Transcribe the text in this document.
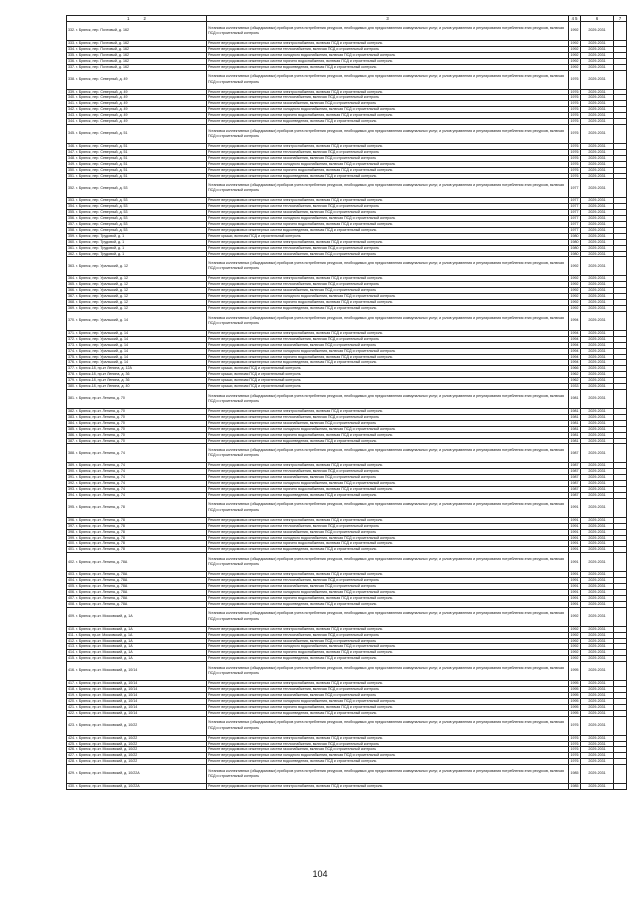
1 2	3	4 5	6	7
332. г. Брянск, пер. Почтовый, д. 162	Установка коллективных (общедомовых) приборов учета потребления ресурсов, необходимых для предоставления коммунальных услуг, и узлов управления и регулирования потребления этих ресурсов, включая ПСД и строительный контроль	1992	2029-2031	
333. г. Брянск, пер. Почтовый, д. 162	Ремонт внутридомовых инженерных систем электроснабжения, включая ПСД и строительный контроль	1992	2029-2031	
334. г. Брянск, пер. Почтовый, д. 162	Ремонт внутридомовых инженерных систем теплоснабжения, включая ПСД и строительный контроль	1992	2029-2031	
335. г. Брянск, пер. Почтовый, д. 162	Ремонт внутридомовых инженерных систем холодного водоснабжения, включая ПСД и строительный контроль	1992	2029-2031	
336. г. Брянск, пер. Почтовый, д. 162	Ремонт внутридомовых инженерных систем горячего водоснабжения, включая ПСД и строительный контроль	1992	2029-2031	
337. г. Брянск, пер. Почтовый, д. 162	Ремонт внутридомовых инженерных систем водоотведения, включая ПСД и строительный контроль	1992	2029-2031	
338. г. Брянск, пер. Северный, д. 49	Установка коллективных (общедомовых) приборов учета потребления ресурсов, необходимых для предоставления коммунальных услуг, и узлов управления и регулирования потребления этих ресурсов, включая ПСД и строительный контроль	1976	2029-2031	
339. г. Брянск, пер. Северный, д. 49	Ремонт внутридомовых инженерных систем электроснабжения, включая ПСД и строительный контроль	1976	2029-2031	
340. г. Брянск, пер. Северный, д. 49	Ремонт внутридомовых инженерных систем теплоснабжения, включая ПСД и строительный контроль	1976	2029-2031	
341. г. Брянск, пер. Северный, д. 49	Ремонт внутридомовых инженерных систем газоснабжения, включая ПСД и строительный контроль	1976	2029-2031	
342. г. Брянск, пер. Северный, д. 49	Ремонт внутридомовых инженерных систем холодного водоснабжения, включая ПСД и строительный контроль	1976	2029-2031	
343. г. Брянск, пер. Северный, д. 49	Ремонт внутридомовых инженерных систем горячего водоснабжения, включая ПСД и строительный контроль	1976	2029-2031	
344. г. Брянск, пер. Северный, д. 49	Ремонт внутридомовых инженерных систем водоотведения, включая ПСД и строительный контроль	1976	2029-2031	
345. г. Брянск, пер. Северный, д. 51	Установка коллективных (общедомовых) приборов учета потребления ресурсов, необходимых для предоставления коммунальных услуг, и узлов управления и регулирования потребления этих ресурсов, включая ПСД и строительный контроль	1976	2029-2031	
346. г. Брянск, пер. Северный, д. 51	Ремонт внутридомовых инженерных систем электроснабжения, включая ПСД и строительный контроль	1976	2029-2031	
347. г. Брянск, пер. Северный, д. 51	Ремонт внутридомовых инженерных систем теплоснабжения, включая ПСД и строительный контроль	1976	2029-2031	
348. г. Брянск, пер. Северный, д. 51	Ремонт внутридомовых инженерных систем газоснабжения, включая ПСД и строительный контроль	1976	2029-2031	
349. г. Брянск, пер. Северный, д. 51	Ремонт внутридомовых инженерных систем холодного водоснабжения, включая ПСД и строительный контроль	1976	2029-2031	
350. г. Брянск, пер. Северный, д. 51	Ремонт внутридомовых инженерных систем горячего водоснабжения, включая ПСД и строительный контроль	1976	2029-2031	
351. г. Брянск, пер. Северный, д. 51	Ремонт внутридомовых инженерных систем водоотведения, включая ПСД и строительный контроль	1976	2029-2031	
352. г. Брянск, пер. Северный, д. 53	Установка коллективных (общедомовых) приборов учета потребления ресурсов, необходимых для предоставления коммунальных услуг, и узлов управления и регулирования потребления этих ресурсов, включая ПСД и строительный контроль	1977	2029-2031	
353. г. Брянск, пер. Северный, д. 53	Ремонт внутридомовых инженерных систем электроснабжения, включая ПСД и строительный контроль	1977	2029-2031	
354. г. Брянск, пер. Северный, д. 53	Ремонт внутридомовых инженерных систем теплоснабжения, включая ПСД и строительный контроль	1977	2029-2031	
355. г. Брянск, пер. Северный, д. 53	Ремонт внутридомовых инженерных систем газоснабжения, включая ПСД и строительный контроль	1977	2029-2031	
356. г. Брянск, пер. Северный, д. 53	Ремонт внутридомовых инженерных систем холодного водоснабжения, включая ПСД и строительный контроль	1977	2029-2031	
357. г. Брянск, пер. Северный, д. 53	Ремонт внутридомовых инженерных систем горячего водоснабжения, включая ПСД и строительный контроль	1977	2029-2031	
358. г. Брянск, пер. Северный, д. 53	Ремонт внутридомовых инженерных систем водоотведения, включая ПСД и строительный контроль	1977	2029-2031	
359. г. Брянск, пер. Трудовой, д. 1	Ремонт крыши, включая ПСД и строительный контроль	1980	2029-2031	
360. г. Брянск, пер. Трудовой, д. 1	Ремонт внутридомовых инженерных систем электроснабжения, включая ПСД и строительный контроль	1980	2029-2031	
361. г. Брянск, пер. Трудовой, д. 1	Ремонт внутридомовых инженерных систем теплоснабжения, включая ПСД и строительный контроль	1980	2029-2031	
362. г. Брянск, пер. Трудовой, д. 1	Ремонт внутридомовых инженерных систем газоснабжения, включая ПСД и строительный контроль	1980	2029-2031	
363. г. Брянск, пер. Уральский, д. 12	Установка коллективных (общедомовых) приборов учета потребления ресурсов, необходимых для предоставления коммунальных услуг, и узлов управления и регулирования потребления этих ресурсов, включая ПСД и строительный контроль	1992	2029-2031	
364. г. Брянск, пер. Уральский, д. 12	Ремонт внутридомовых инженерных систем электроснабжения, включая ПСД и строительный контроль	1992	2029-2031	
365. г. Брянск, пер. Уральский, д. 12	Ремонт внутридомовых инженерных систем теплоснабжения, включая ПСД и строительный контроль	1992	2029-2031	
366. г. Брянск, пер. Уральский, д. 12	Ремонт внутридомовых инженерных систем газоснабжения, включая ПСД и строительный контроль	1992	2029-2031	
367. г. Брянск, пер. Уральский, д. 12	Ремонт внутридомовых инженерных систем холодного водоснабжения, включая ПСД и строительный контроль	1992	2029-2031	
368. г. Брянск, пер. Уральский, д. 12	Ремонт внутридомовых инженерных систем горячего водоснабжения, включая ПСД и строительный контроль	1992	2029-2031	
369. г. Брянск, пер. Уральский, д. 12	Ремонт внутридомовых инженерных систем водоотведения, включая ПСД и строительный контроль	1992	2029-2031	
370. г. Брянск, пер. Уральский, д. 14	Установка коллективных (общедомовых) приборов учета потребления ресурсов, необходимых для предоставления коммунальных услуг, и узлов управления и регулирования потребления этих ресурсов, включая ПСД и строительный контроль	1994	2029-2031	
371. г. Брянск, пер. Уральский, д. 14	Ремонт внутридомовых инженерных систем электроснабжения, включая ПСД и строительный контроль	1994	2029-2031	
372. г. Брянск, пер. Уральский, д. 14	Ремонт внутридомовых инженерных систем теплоснабжения, включая ПСД и строительный контроль	1994	2029-2031	
373. г. Брянск, пер. Уральский, д. 14	Ремонт внутридомовых инженерных систем газоснабжения, включая ПСД и строительный контроль	1994	2029-2031	
374. г. Брянск, пер. Уральский, д. 14	Ремонт внутридомовых инженерных систем холодного водоснабжения, включая ПСД и строительный контроль	1994	2029-2031	
375. г. Брянск, пер. Уральский, д. 14	Ремонт внутридомовых инженерных систем горячего водоснабжения, включая ПСД и строительный контроль	1994	2029-2031	
376. г. Брянск, пер. Уральский, д. 14	Ремонт внутридомовых инженерных систем водоотведения, включая ПСД и строительный контроль	1994	2029-2031	
377. г. Брянск-18, пр-кт Ленина, д. 12А	Ремонт крыши, включая ПСД и строительный контроль	1966	2029-2031	
378. г. Брянск-18, пр-кт Ленина, д. 36	Ремонт крыши, включая ПСД и строительный контроль	1962	2029-2031	
379. г. Брянск-18, пр-кт Ленина, д. 36	Ремонт крыши, включая ПСД и строительный контроль	1962	2029-2031	
380. г. Брянск-18, пр-кт Ленина, д. 40	Ремонт крыши, включая ПСД и строительный контроль	1933	2029-2031	
381. г. Брянск, пр-кт. Ленина, д. 70	Установка коллективных (общедомовых) приборов учета потребления ресурсов, необходимых для предоставления коммунальных услуг, и узлов управления и регулирования потребления этих ресурсов, включая ПСД и строительный контроль	1981	2029-2031	
382. г. Брянск, пр-кт. Ленина, д. 70	Ремонт внутридомовых инженерных систем электроснабжения, включая ПСД и строительный контроль	1981	2029-2031	
383. г. Брянск, пр-кт. Ленина, д. 70	Ремонт внутридомовых инженерных систем теплоснабжения, включая ПСД и строительный контроль	1981	2029-2031	
384. г. Брянск, пр-кт. Ленина, д. 70	Ремонт внутридомовых инженерных систем газоснабжения, включая ПСД и строительный контроль	1981	2029-2031	
385. г. Брянск, пр-кт. Ленина, д. 70	Ремонт внутридомовых инженерных систем холодного водоснабжения, включая ПСД и строительный контроль	1981	2029-2031	
386. г. Брянск, пр-кт. Ленина, д. 70	Ремонт внутридомовых инженерных систем горячего водоснабжения, включая ПСД и строительный контроль	1981	2029-2031	
387. г. Брянск, пр-кт. Ленина, д. 70	Ремонт внутридомовых инженерных систем водоотведения, включая ПСД и строительный контроль	1981	2029-2031	
388. г. Брянск, пр-кт. Ленина, д. 74	Установка коллективных (общедомовых) приборов учета потребления ресурсов, необходимых для предоставления коммунальных услуг, и узлов управления и регулирования потребления этих ресурсов, включая ПСД и строительный контроль	1987	2029-2031	
389. г. Брянск, пр-кт. Ленина, д. 74	Ремонт внутридомовых инженерных систем электроснабжения, включая ПСД и строительный контроль	1987	2029-2031	
390. г. Брянск, пр-кт. Ленина, д. 74	Ремонт внутридомовых инженерных систем теплоснабжения, включая ПСД и строительный контроль	1987	2029-2031	
391. г. Брянск, пр-кт. Ленина, д. 74	Ремонт внутридомовых инженерных систем газоснабжения, включая ПСД и строительный контроль	1987	2029-2031	
392. г. Брянск, пр-кт. Ленина, д. 74	Ремонт внутридомовых инженерных систем холодного водоснабжения, включая ПСД и строительный контроль	1987	2029-2031	
393. г. Брянск, пр-кт. Ленина, д. 74	Ремонт внутридомовых инженерных систем горячего водоснабжения, включая ПСД и строительный контроль	1987	2029-2031	
394. г. Брянск, пр-кт. Ленина, д. 74	Ремонт внутридомовых инженерных систем водоотведения, включая ПСД и строительный контроль	1987	2029-2031	
395. г. Брянск, пр-кт. Ленина, д. 78	Установка коллективных (общедомовых) приборов учета потребления ресурсов, необходимых для предоставления коммунальных услуг, и узлов управления и регулирования потребления этих ресурсов, включая ПСД и строительный контроль	1991	2029-2031	
396. г. Брянск, пр-кт. Ленина, д. 78	Ремонт внутридомовых инженерных систем электроснабжения, включая ПСД и строительный контроль	1991	2029-2031	
397. г. Брянск, пр-кт. Ленина, д. 78	Ремонт внутридомовых инженерных систем теплоснабжения, включая ПСД и строительный контроль	1991	2029-2031	
398. г. Брянск, пр-кт. Ленина, д. 78	Ремонт внутридомовых инженерных систем газоснабжения, включая ПСД и строительный контроль	1991	2029-2031	
399. г. Брянск, пр-кт. Ленина, д. 78	Ремонт внутридомовых инженерных систем холодного водоснабжения, включая ПСД и строительный контроль	1991	2029-2031	
400. г. Брянск, пр-кт. Ленина, д. 78	Ремонт внутридомовых инженерных систем горячего водоснабжения, включая ПСД и строительный контроль	1991	2029-2031	
401. г. Брянск, пр-кт. Ленина, д. 78	Ремонт внутридомовых инженерных систем водоотведения, включая ПСД и строительный контроль	1991	2029-2031	
402. г. Брянск, пр-кт. Ленина, д. 78А	Установка коллективных (общедомовых) приборов учета потребления ресурсов, необходимых для предоставления коммунальных услуг, и узлов управления и регулирования потребления этих ресурсов, включая ПСД и строительный контроль	1991	2029-2031	
403. г. Брянск, пр-кт. Ленина, д. 78А	Ремонт внутридомовых инженерных систем электроснабжения, включая ПСД и строительный контроль	1991	2029-2031	
404. г. Брянск, пр-кт. Ленина, д. 78А	Ремонт внутридомовых инженерных систем теплоснабжения, включая ПСД и строительный контроль	1991	2029-2031	
405. г. Брянск, пр-кт. Ленина, д. 78А	Ремонт внутридомовых инженерных систем газоснабжения, включая ПСД и строительный контроль	1991	2029-2031	
406. г. Брянск, пр-кт. Ленина, д. 78А	Ремонт внутридомовых инженерных систем холодного водоснабжения, включая ПСД и строительный контроль	1991	2029-2031	
407. г. Брянск, пр-кт. Ленина, д. 78А	Ремонт внутридомовых инженерных систем горячего водоснабжения, включая ПСД и строительный контроль	1991	2029-2031	
408. г. Брянск, пр-кт. Ленина, д. 78А	Ремонт внутридомовых инженерных систем водоотведения, включая ПСД и строительный контроль	1991	2029-2031	
409. г. Брянск, пр-кт. Московский, д. 1А	Установка коллективных (общедомовых) приборов учета потребления ресурсов, необходимых для предоставления коммунальных услуг, и узлов управления и регулирования потребления этих ресурсов, включая ПСД и строительный контроль	1992	2029-2031	
410. г. Брянск, пр-кт. Московский, д. 1А	Ремонт внутридомовых инженерных систем электроснабжения, включая ПСД и строительный контроль	1992	2029-2031	
411. г. Брянск, пр-кт. Московский, д. 1А	Ремонт внутридомовых инженерных систем теплоснабжения, включая ПСД и строительный контроль	1992	2029-2031	
412. г. Брянск, пр-кт. Московский, д. 1А	Ремонт внутридомовых инженерных систем газоснабжения, включая ПСД и строительный контроль	1992	2029-2031	
413. г. Брянск, пр-кт. Московский, д. 1А	Ремонт внутридомовых инженерных систем холодного водоснабжения, включая ПСД и строительный контроль	1992	2029-2031	
414. г. Брянск, пр-кт. Московский, д. 1А	Ремонт внутридомовых инженерных систем горячего водоснабжения, включая ПСД и строительный контроль	1992	2029-2031	
415. г. Брянск, пр-кт. Московский, д. 1А	Ремонт внутридомовых инженерных систем водоотведения, включая ПСД и строительный контроль	1992	2029-2031	
416. г. Брянск, пр-кт. Московский, д. 10/14	Установка коллективных (общедомовых) приборов учета потребления ресурсов, необходимых для предоставления коммунальных услуг, и узлов управления и регулирования потребления этих ресурсов, включая ПСД и строительный контроль	1995	2029-2031	
417. г. Брянск, пр-кт. Московский, д. 10/14	Ремонт внутридомовых инженерных систем электроснабжения, включая ПСД и строительный контроль	1995	2029-2031	
418. г. Брянск, пр-кт. Московский, д. 10/14	Ремонт внутридомовых инженерных систем теплоснабжения, включая ПСД и строительный контроль	1995	2029-2031	
419. г. Брянск, пр-кт. Московский, д. 10/14	Ремонт внутридомовых инженерных систем газоснабжения, включая ПСД и строительный контроль	1995	2029-2031	
420. г. Брянск, пр-кт. Московский, д. 10/14	Ремонт внутридомовых инженерных систем холодного водоснабжения, включая ПСД и строительный контроль	1995	2029-2031	
421. г. Брянск, пр-кт. Московский, д. 10/14	Ремонт внутридомовых инженерных систем горячего водоснабжения, включая ПСД и строительный контроль	1995	2029-2031	
422. г. Брянск, пр-кт. Московский, д. 10/14	Ремонт внутридомовых инженерных систем водоотведения, включая ПСД и строительный контроль	1995	2029-2031	
423. г. Брянск, пр-кт. Московский, д. 10/22	Установка коллективных (общедомовых) приборов учета потребления ресурсов, необходимых для предоставления коммунальных услуг, и узлов управления и регулирования потребления этих ресурсов, включая ПСД и строительный контроль	1976	2029-2031	
424. г. Брянск, пр-кт. Московский, д. 10/22	Ремонт внутридомовых инженерных систем электроснабжения, включая ПСД и строительный контроль	1976	2029-2031	
425. г. Брянск, пр-кт. Московский, д. 10/22	Ремонт внутридомовых инженерных систем теплоснабжения, включая ПСД и строительный контроль	1976	2029-2031	
426. г. Брянск, пр-кт. Московский, д. 10/22	Ремонт внутридомовых инженерных систем газоснабжения, включая ПСД и строительный контроль	1976	2029-2031	
427. г. Брянск, пр-кт. Московский, д. 10/22	Ремонт внутридомовых инженерных систем холодного водоснабжения, включая ПСД и строительный контроль	1976	2029-2031	
428. г. Брянск, пр-кт. Московский, д. 10/22	Ремонт внутридомовых инженерных систем водоотведения, включая ПСД и строительный контроль	1976	2029-2031	
429. г. Брянск, пр-кт. Московский, д. 10/22А	Установка коллективных (общедомовых) приборов учета потребления ресурсов, необходимых для предоставления коммунальных услуг, и узлов управления и регулирования потребления этих ресурсов, включая ПСД и строительный контроль	1985	2029-2031	
430. г. Брянск, пр-кт. Московский, д. 10/22А	Ремонт внутридомовых инженерных систем электроснабжения, включая ПСД и строительный контроль	1985	2029-2031	
104
